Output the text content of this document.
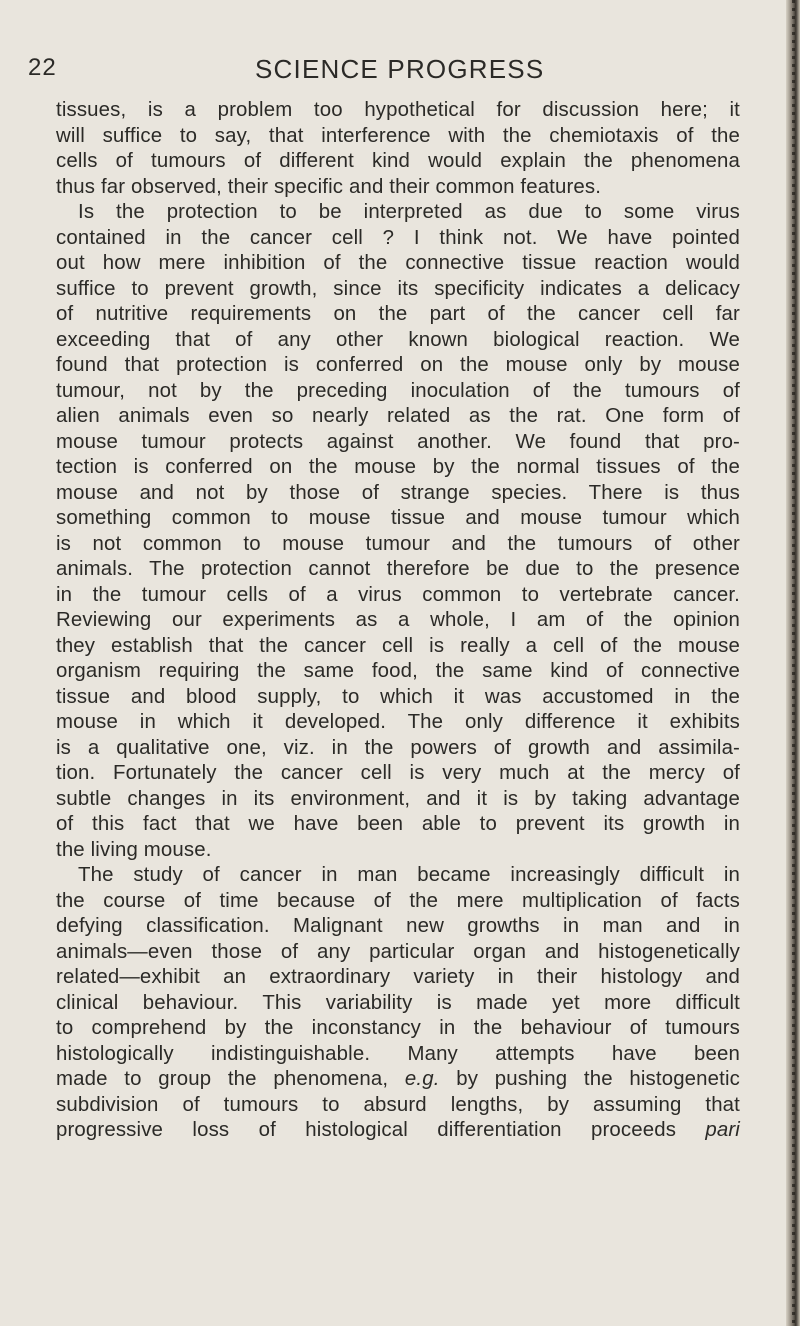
22	SCIENCE PROGRESS

tissues, is a problem too hypothetical for discussion here; it
will suffice to say, that interference with the chemiotaxis of the
cells of tumours of different kind would explain the phenomena
thus far observed, their specific and their common features.

Is the protection to be interpreted as due to some virus
contained in the cancer cell ? I think not. We have pointed
out how mere inhibition of the connective tissue reaction would
suffice to prevent growth, since its specificity indicates a delicacy
of nutritive requirements on the part of the cancer cell far
exceeding that of any other known biological reaction. We
found that protection is conferred on the mouse only by mouse
tumour, not by the preceding inoculation of the tumours of
alien animals even so nearly related as the rat. One form of
mouse tumour protects against another. We found that pro-
tection is conferred on the mouse by the normal tissues of the
mouse and not by those of strange species. There is thus
something common to mouse tissue and mouse tumour which
is not common to mouse tumour and the tumours of other
animals. The protection cannot therefore be due to the presence
in the tumour cells of a virus common to vertebrate cancer.
Reviewing our experiments as a whole, I am of the opinion
they establish that the cancer cell is really a cell of the mouse
organism requiring the same food, the same kind of connective
tissue and blood supply, to which it was accustomed in the
mouse in which it developed. The only difference it exhibits
is a qualitative one, viz. in the powers of growth and assimila-
tion. Fortunately the cancer cell is very much at the mercy of
subtle changes in its environment, and it is by taking advantage
of this fact that we have been able to prevent its growth in
the living mouse.

The study of cancer in man became increasingly difficult in
the course of time because of the mere multiplication of facts
defying classification. Malignant new growths in man and in
animals—even those of any particular organ and histogenetically
related—exhibit an extraordinary variety in their histology and
clinical behaviour. This variability is made yet more difficult
to comprehend by the inconstancy in the behaviour of tumours
histologically indistinguishable. Many attempts have been
made to group the phenomena, e.g. by pushing the histogenetic
subdivision of tumours to absurd lengths, by assuming that
progressive loss of histological differentiation proceeds pari
